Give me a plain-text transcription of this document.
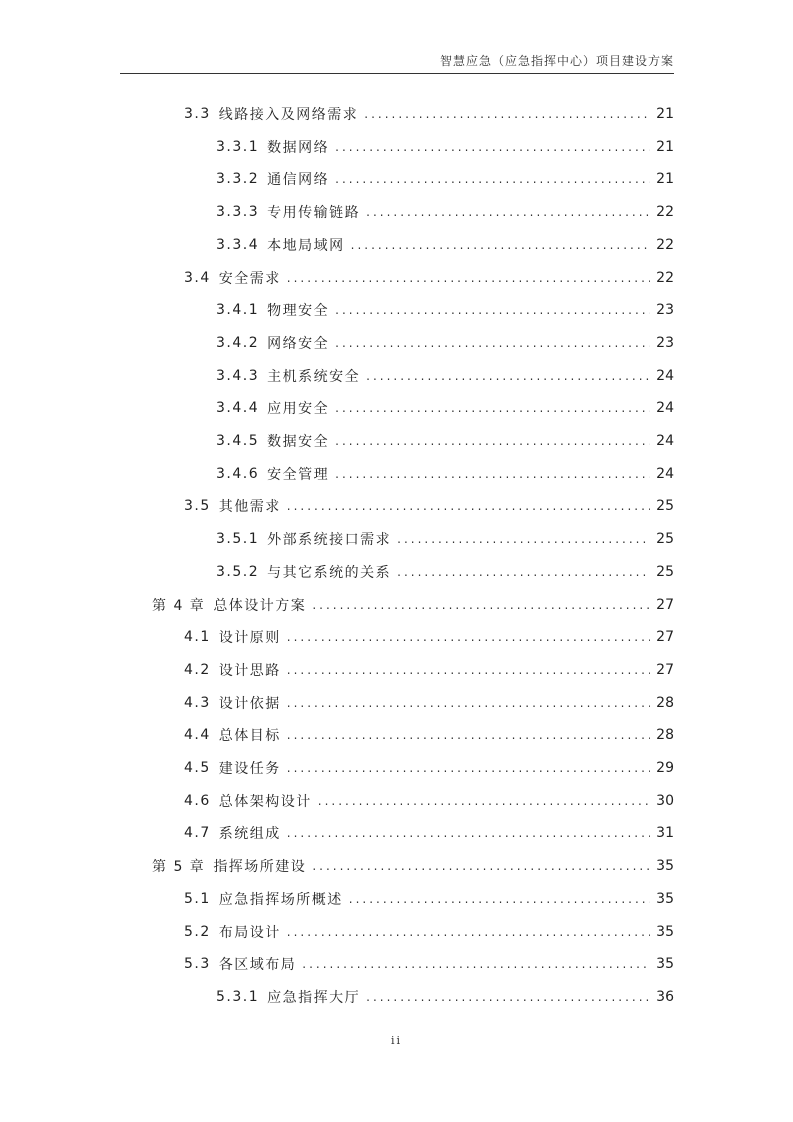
智慧应急（应急指挥中心）项目建设方案
3.3 线路接入及网络需求 .....	21
3.3.1 数据网络 .....	21
3.3.2 通信网络 .....	21
3.3.3 专用传输链路 .....	22
3.3.4 本地局域网 .....	22
3.4 安全需求 .....	22
3.4.1 物理安全 .....	23
3.4.2 网络安全 .....	23
3.4.3 主机系统安全 .....	24
3.4.4 应用安全 .....	24
3.4.5 数据安全 .....	24
3.4.6 安全管理 .....	24
3.5 其他需求 .....	25
3.5.1 外部系统接口需求 .....	25
3.5.2 与其它系统的关系 .....	25
第 4 章 总体设计方案 .....	27
4.1 设计原则 .....	27
4.2 设计思路 .....	27
4.3 设计依据 .....	28
4.4 总体目标 .....	28
4.5 建设任务 .....	29
4.6 总体架构设计 .....	30
4.7 系统组成 .....	31
第 5 章 指挥场所建设 .....	35
5.1 应急指挥场所概述 .....	35
5.2 布局设计 .....	35
5.3 各区域布局 .....	35
5.3.1 应急指挥大厅 .....	36
ii
